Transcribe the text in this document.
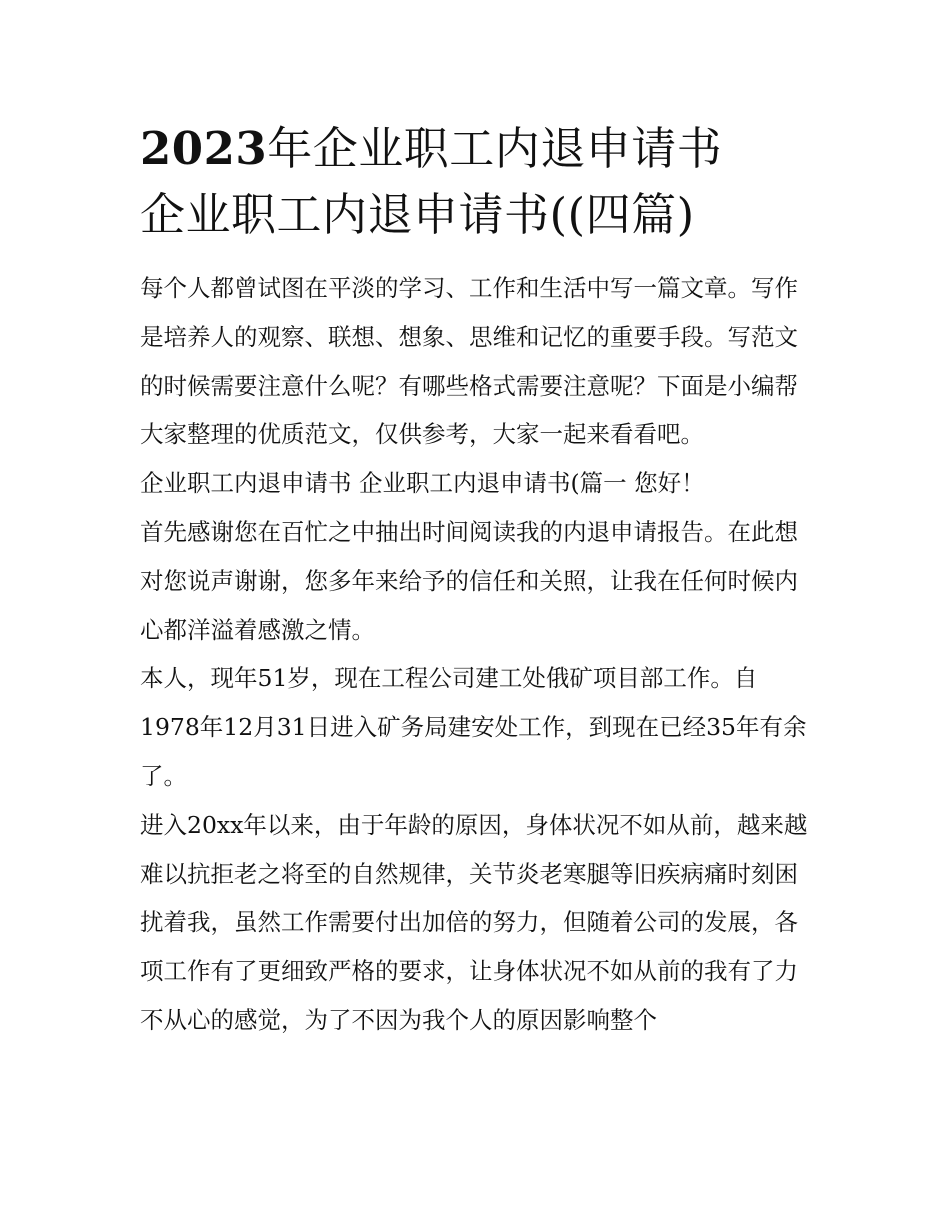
2023年企业职工内退申请书
企业职工内退申请书((四篇)

每个人都曾试图在平淡的学习、工作和生活中写一篇文章。写作是培养人的观察、联想、想象、思维和记忆的重要手段。写范文的时候需要注意什么呢？有哪些格式需要注意呢？下面是小编帮大家整理的优质范文，仅供参考，大家一起来看看吧。

企业职工内退申请书 企业职工内退申请书(篇一 您好！

首先感谢您在百忙之中抽出时间阅读我的内退申请报告。在此想对您说声谢谢，您多年来给予的信任和关照，让我在任何时候内心都洋溢着感激之情。

本人，现年51岁，现在工程公司建工处俄矿项目部工作。自1978年12月31日进入矿务局建安处工作，到现在已经35年有余了。

进入20xx年以来，由于年龄的原因，身体状况不如从前，越来越难以抗拒老之将至的自然规律，关节炎老寒腿等旧疾病痛时刻困扰着我，虽然工作需要付出加倍的努力，但随着公司的发展，各项工作有了更细致严格的要求，让身体状况不如从前的我有了力不从心的感觉，为了不因为我个人的原因影响整个
